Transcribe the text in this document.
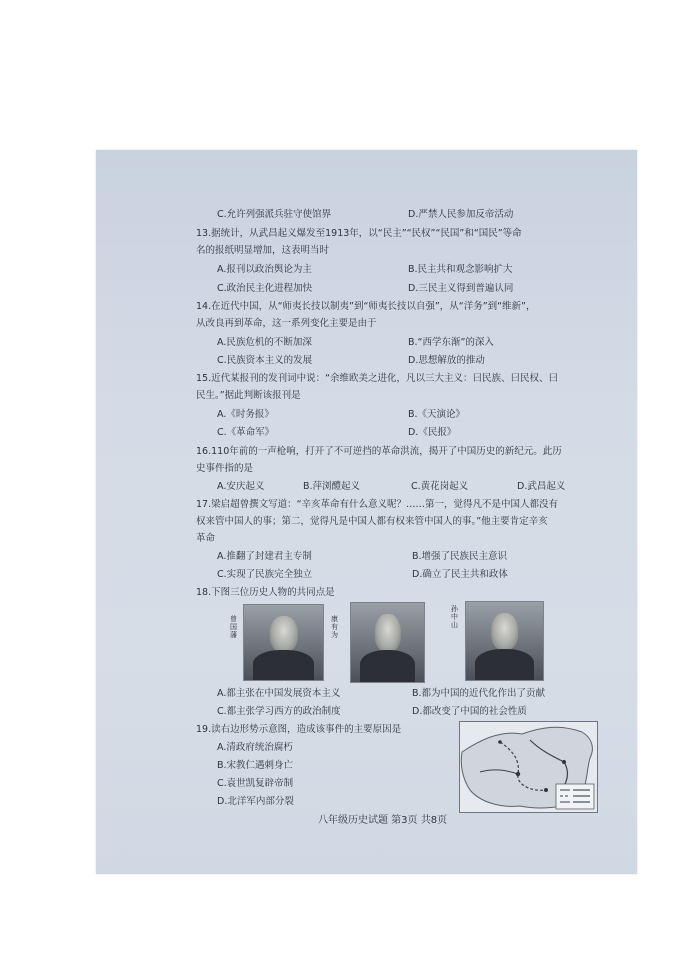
C.允许列强派兵驻守使馆界	D.严禁人民参加反帝活动
13.据统计，从武昌起义爆发至1913年，以“民主”“民权”“民国”和“国民”等命
名的报纸明显增加，这表明当时
A.报刊以政治舆论为主	B.民主共和观念影响扩大
C.政治民主化进程加快	D.三民主义得到普遍认同
14.在近代中国，从“师夷长技以制夷”到“师夷长技以自强”，从“洋务”到“维新”，
从改良再到革命，这一系列变化主要是由于
A.民族危机的不断加深	B.“西学东渐”的深入
C.民族资本主义的发展	D.思想解放的推动
15.近代某报刊的发刊词中说：“余维欧美之进化，凡以三大主义：曰民族、曰民权、曰
民生。”据此判断该报刊是
A.《时务报》	B.《天演论》
C.《革命军》	D.《民报》
16.110年前的一声枪响，打开了不可逆挡的革命洪流，揭开了中国历史的新纪元。此历
史事件指的是
A.安庆起义	B.萍浏醴起义	C.黄花岗起义	D.武昌起义
17.梁启超曾撰文写道：“辛亥革命有什么意义呢？……第一，觉得凡不是中国人都没有
权来管中国人的事；第二，觉得凡是中国人都有权来管中国人的事。”他主要肯定辛亥
革命
A.推翻了封建君主专制	B.增强了民族民主意识
C.实现了民族完全独立	D.确立了民主共和政体
18.下图三位历史人物的共同点是
曾国藩
康有为
孙中山
A.都主张在中国发展资本主义	B.都为中国的近代化作出了贡献
C.都主张学习西方的政治制度	D.都改变了中国的社会性质
19.读右边形势示意图，造成该事件的主要原因是
A.清政府统治腐朽
B.宋教仁遇刺身亡
C.袁世凯复辟帝制
D.北洋军内部分裂
八年级历史试题 第3页 共8页
